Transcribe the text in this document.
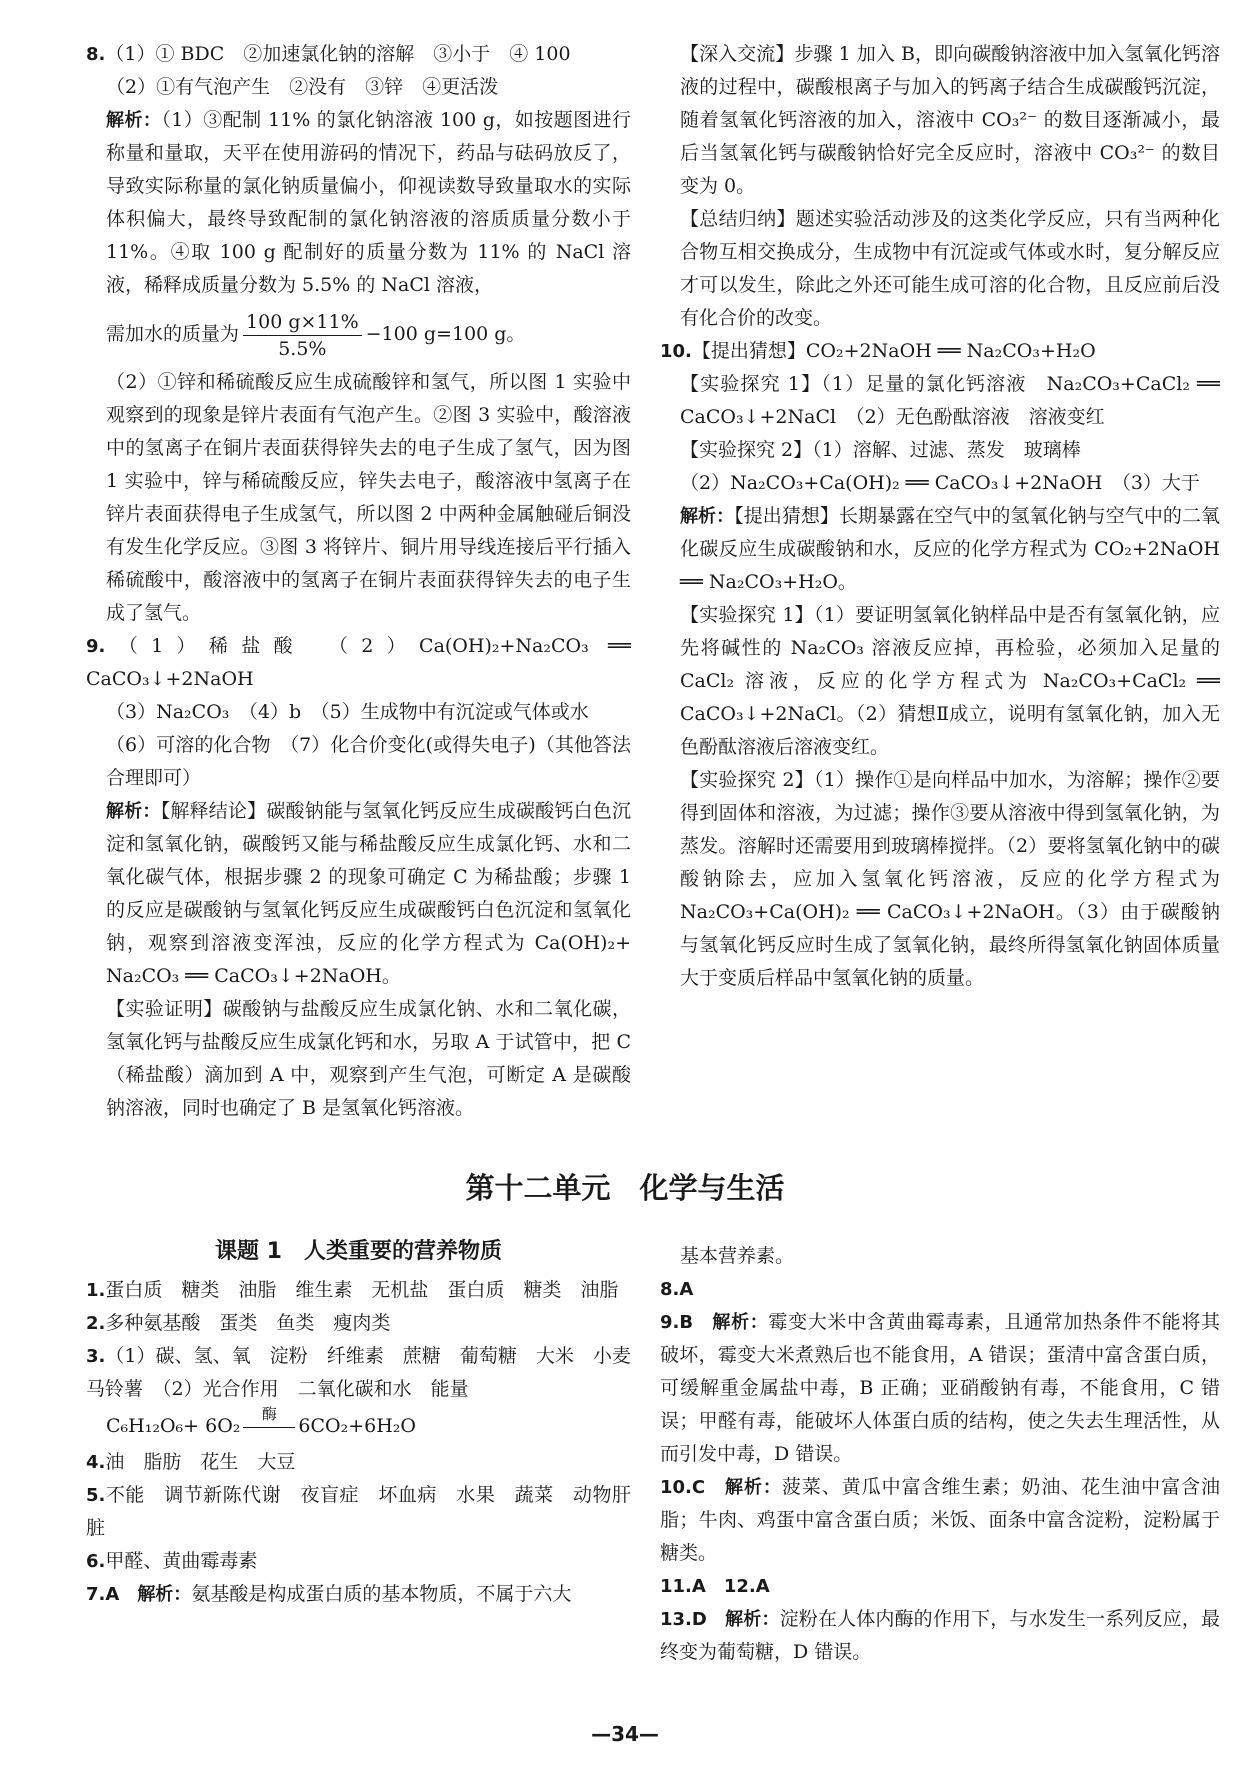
8.（1）① BDC　②加速氯化钠的溶解　③小于　④ 100

（2）①有气泡产生　②没有　③锌　④更活泼

解析：（1）③配制 11% 的氯化钠溶液 100 g，如按题图进行称量和量取，天平在使用游码的情况下，药品与砝码放反了，导致实际称量的氯化钠质量偏小，仰视读数导致量取水的实际体积偏大，最终导致配制的氯化钠溶液的溶质质量分数小于 11%。④取 100 g 配制好的质量分数为 11% 的 NaCl 溶液，稀释成质量分数为 5.5% 的 NaCl 溶液，

需加水的质量为 $\frac{100 g\times 11\%}{5.5\%} -100$ g=100 g。

（2）①锌和稀硫酸反应生成硫酸锌和氢气，所以图 1 实验中观察到的现象是锌片表面有气泡产生。②图 3 实验中，酸溶液中的氢离子在铜片表面获得锌失去的电子生成了氢气，因为图 1 实验中，锌与稀硫酸反应，锌失去电子，酸溶液中氢离子在锌片表面获得电子生成氢气，所以图 2 中两种金属触碰后铜没有发生化学反应。③图 3 将锌片、铜片用导线连接后平行插入稀硫酸中，酸溶液中的氢离子在铜片表面获得锌失去的电子生成了氢气。

9.（1）稀盐酸　（2）Ca(OH)₂+Na₂CO₃ ══ CaCO₃↓+2NaOH

（3）Na₂CO₃　（4）b　（5）生成物中有沉淀或气体或水

（6）可溶的化合物　（7）化合价变化(或得失电子)（其他答法合理即可）

解析：【解释结论】碳酸钠能与氢氧化钙反应生成碳酸钙白色沉淀和氢氧化钠，碳酸钙又能与稀盐酸反应生成氯化钙、水和二氧化碳气体，根据步骤 2 的现象可确定 C 为稀盐酸；步骤 1 的反应是碳酸钠与氢氧化钙反应生成碳酸钙白色沉淀和氢氧化钠，观察到溶液变浑浊，反应的化学方程式为 Ca(OH)₂+ Na₂CO₃ ══ CaCO₃↓+2NaOH。

【实验证明】碳酸钠与盐酸反应生成氯化钠、水和二氧化碳，氢氧化钙与盐酸反应生成氯化钙和水，另取 A 于试管中，把 C（稀盐酸）滴加到 A 中，观察到产生气泡，可断定 A 是碳酸钠溶液，同时也确定了 B 是氢氧化钙溶液。

【深入交流】步骤 1 加入 B，即向碳酸钠溶液中加入氢氧化钙溶液的过程中，碳酸根离子与加入的钙离子结合生成碳酸钙沉淀，随着氢氧化钙溶液的加入，溶液中 CO₃²⁻ 的数目逐渐减小，最后当氢氧化钙与碳酸钠恰好完全反应时，溶液中 CO₃²⁻ 的数目变为 0。

【总结归纳】题述实验活动涉及的这类化学反应，只有当两种化合物互相交换成分，生成物中有沉淀或气体或水时，复分解反应才可以发生，除此之外还可能生成可溶的化合物，且反应前后没有化合价的改变。

10.【提出猜想】CO₂+2NaOH ══ Na₂CO₃+H₂O

【实验探究 1】（1）足量的氯化钙溶液　Na₂CO₃+CaCl₂ ══ CaCO₃↓+2NaCl　（2）无色酚酞溶液　溶液变红

【实验探究 2】（1）溶解、过滤、蒸发　玻璃棒

（2）Na₂CO₃+Ca(OH)₂ ══ CaCO₃↓+2NaOH　（3）大于

解析：【提出猜想】长期暴露在空气中的氢氧化钠与空气中的二氧化碳反应生成碳酸钠和水，反应的化学方程式为 CO₂+2NaOH ══ Na₂CO₃+H₂O。

【实验探究 1】（1）要证明氢氧化钠样品中是否有氢氧化钠，应先将碱性的 Na₂CO₃ 溶液反应掉，再检验，必须加入足量的 CaCl₂ 溶液，反应的化学方程式为 Na₂CO₃+CaCl₂ ══ CaCO₃↓+2NaCl。（2）猜想Ⅱ成立，说明有氢氧化钠，加入无色酚酞溶液后溶液变红。

【实验探究 2】（1）操作①是向样品中加水，为溶解；操作②要得到固体和溶液，为过滤；操作③要从溶液中得到氢氧化钠，为蒸发。溶解时还需要用到玻璃棒搅拌。（2）要将氢氧化钠中的碳酸钠除去，应加入氢氧化钙溶液，反应的化学方程式为 Na₂CO₃+Ca(OH)₂ ══ CaCO₃↓+2NaOH。（3）由于碳酸钠与氢氧化钙反应时生成了氢氧化钠，最终所得氢氧化钠固体质量大于变质后样品中氢氧化钠的质量。

第十二单元　化学与生活
课题 1　人类重要的营养物质

1.蛋白质　糖类　油脂　维生素　无机盐　蛋白质　糖类　油脂

2.多种氨基酸　蛋类　鱼类　瘦肉类

3.（1）碳、氢、氧　淀粉　纤维素　蔗糖　葡萄糖　大米　小麦　马铃薯　（2）光合作用　二氧化碳和水　能量

C₆H₁₂O₆+ 6O₂
酶
6CO₂+6H₂O

4.油　脂肪　花生　大豆

5.不能　调节新陈代谢　夜盲症　坏血病　水果　蔬菜　动物肝脏

6.甲醛、黄曲霉毒素

7.A　解析：氨基酸是构成蛋白质的基本物质，不属于六大

基本营养素。

8.A

9.B　解析：霉变大米中含黄曲霉毒素，且通常加热条件不能将其破坏，霉变大米煮熟后也不能食用，A 错误；蛋清中富含蛋白质，可缓解重金属盐中毒，B 正确；亚硝酸钠有毒，不能食用，C 错误；甲醛有毒，能破坏人体蛋白质的结构，使之失去生理活性，从而引发中毒，D 错误。

10.C　解析：菠菜、黄瓜中富含维生素；奶油、花生油中富含油脂；牛肉、鸡蛋中富含蛋白质；米饭、面条中富含淀粉，淀粉属于糖类。

11.A　12.A

13.D　解析：淀粉在人体内酶的作用下，与水发生一系列反应，最终变为葡萄糖，D 错误。

—34—
